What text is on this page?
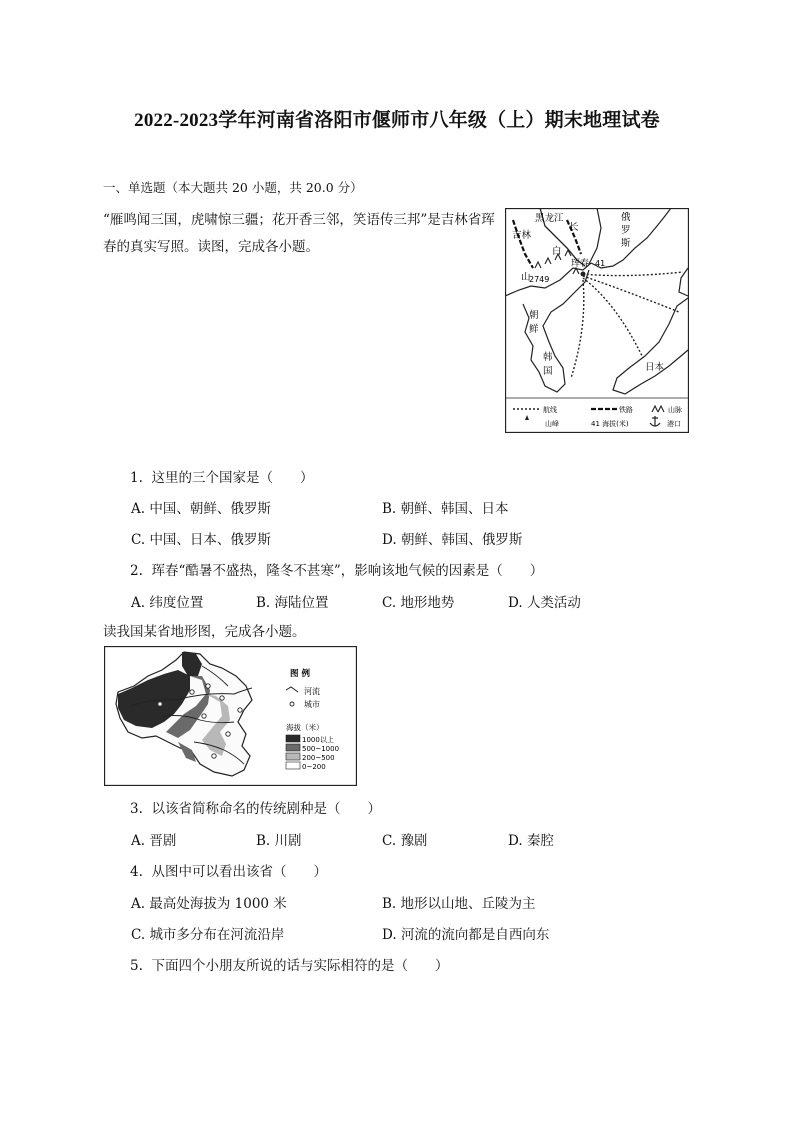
2022-2023学年河南省洛阳市偃师市八年级（上）期末地理试卷
一、单选题（本大题共 20 小题，共 20.0 分）
“雁鸣闻三国，虎啸惊三疆；花开香三邻，笑语传三邦”是吉林省珲春的真实写照。读图，完成各小题。
黑龙江
吉林
俄
罗
斯
长
白
山
珲春 41
2749
朝
鲜
韩
国	日本
航线	铁路	山脉
山峰	41 海拔(米)	港口
1. 这里的三个国家是（　　）
A. 中国、朝鲜、俄罗斯	B. 朝鲜、韩国、日本
C. 中国、日本、俄罗斯	D. 朝鲜、韩国、俄罗斯
2. 珲春“酷暑不盛热，隆冬不甚寒”，影响该地气候的因素是（　　）
A. 纬度位置	B. 海陆位置	C. 地形地势	D. 人类活动
读我国某省地形图，完成各小题。
图 例
河流
城市
海拔（米）
1000以上
500~1000
200~500
0~200
3. 以该省简称命名的传统剧种是（　　）
A. 晋剧	B. 川剧	C. 豫剧	D. 秦腔
4. 从图中可以看出该省（　　）
A. 最高处海拔为 1000 米	B. 地形以山地、丘陵为主
C. 城市多分布在河流沿岸	D. 河流的流向都是自西向东
5. 下面四个小朋友所说的话与实际相符的是（　　）
